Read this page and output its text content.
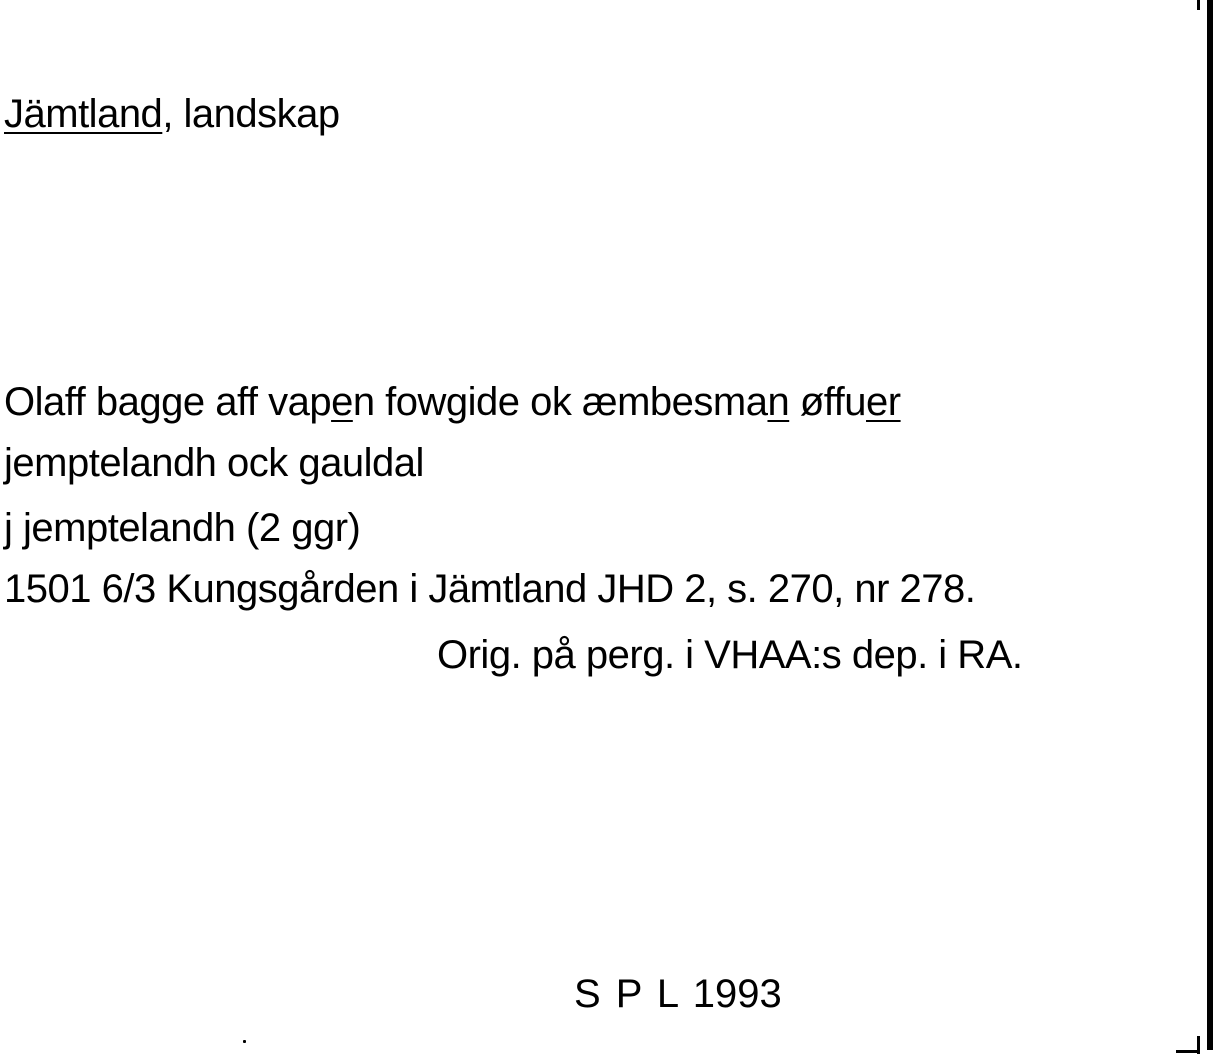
Jämtland, landskap
Olaff bagge aff vapen fowgide ok æmbesman øffuer
jemptelandh ock gauldal
j jemptelandh (2 ggr)
1501 6/3 Kungsgården i Jämtland JHD 2, s. 270, nr 278.
Orig. på perg. i VHAA:s dep. i RA.
S P L 1993
